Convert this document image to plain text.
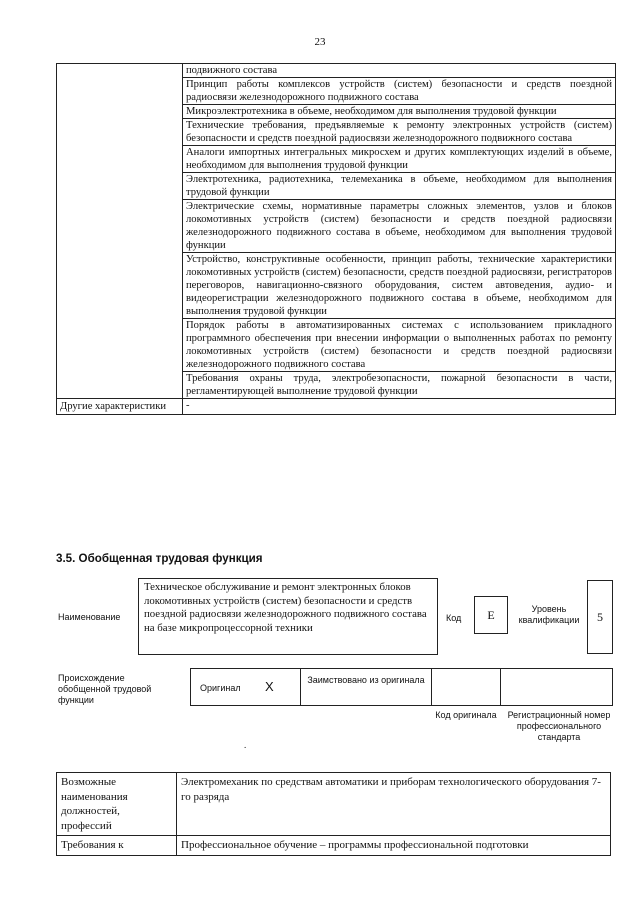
23
	подвижного состава
	Принцип работы комплексов устройств (систем) безопасности и средств поездной радиосвязи железнодорожного подвижного состава
	Микроэлектротехника в объеме, необходимом для выполнения трудовой функции
	Технические требования, предъявляемые к ремонту электронных устройств (систем) безопасности и средств поездной радиосвязи железнодорожного подвижного состава
	Аналоги импортных интегральных микросхем и других комплектующих изделий в объеме, необходимом для выполнения трудовой функции
	Электротехника, радиотехника, телемеханика в объеме, необходимом для выполнения трудовой функции
	Электрические схемы, нормативные параметры сложных элементов, узлов и блоков локомотивных устройств (систем) безопасности и средств поездной радиосвязи железнодорожного подвижного состава в объеме, необходимом для выполнения трудовой функции
	Устройство, конструктивные особенности, принцип работы, технические характеристики локомотивных устройств (систем) безопасности, средств поездной радиосвязи, регистраторов переговоров, навигационно-связного оборудования, систем автоведения, аудио- и видеорегистрации железнодорожного подвижного состава в объеме, необходимом для выполнения трудовой функции
	Порядок работы в автоматизированных системах с использованием прикладного программного обеспечения при внесении информации о выполненных работах по ремонту локомотивных устройств (систем) безопасности и средств поездной радиосвязи железнодорожного подвижного состава
	Требования охраны труда, электробезопасности, пожарной безопасности в части, регламентирующей выполнение трудовой функции
Другие характеристики	-
3.5. Обобщенная трудовая функция
Наименование
Техническое обслуживание и ремонт электронных блоков локомотивных устройств (систем) безопасности и средств поездной радиосвязи железнодорожного подвижного состава на базе микропроцессорной техники
Код	E	Уровень квалификации	5
Происхождение обобщенной трудовой функции
Оригинал X	Заимствовано из оригинала
Код оригинала	Регистрационный номер профессионального стандарта
.
Возможные наименования должностей, профессий	Электромеханик по средствам автоматики и приборам технологического оборудования 7-го разряда
Требования к	Профессиональное обучение – программы профессиональной подготовки
